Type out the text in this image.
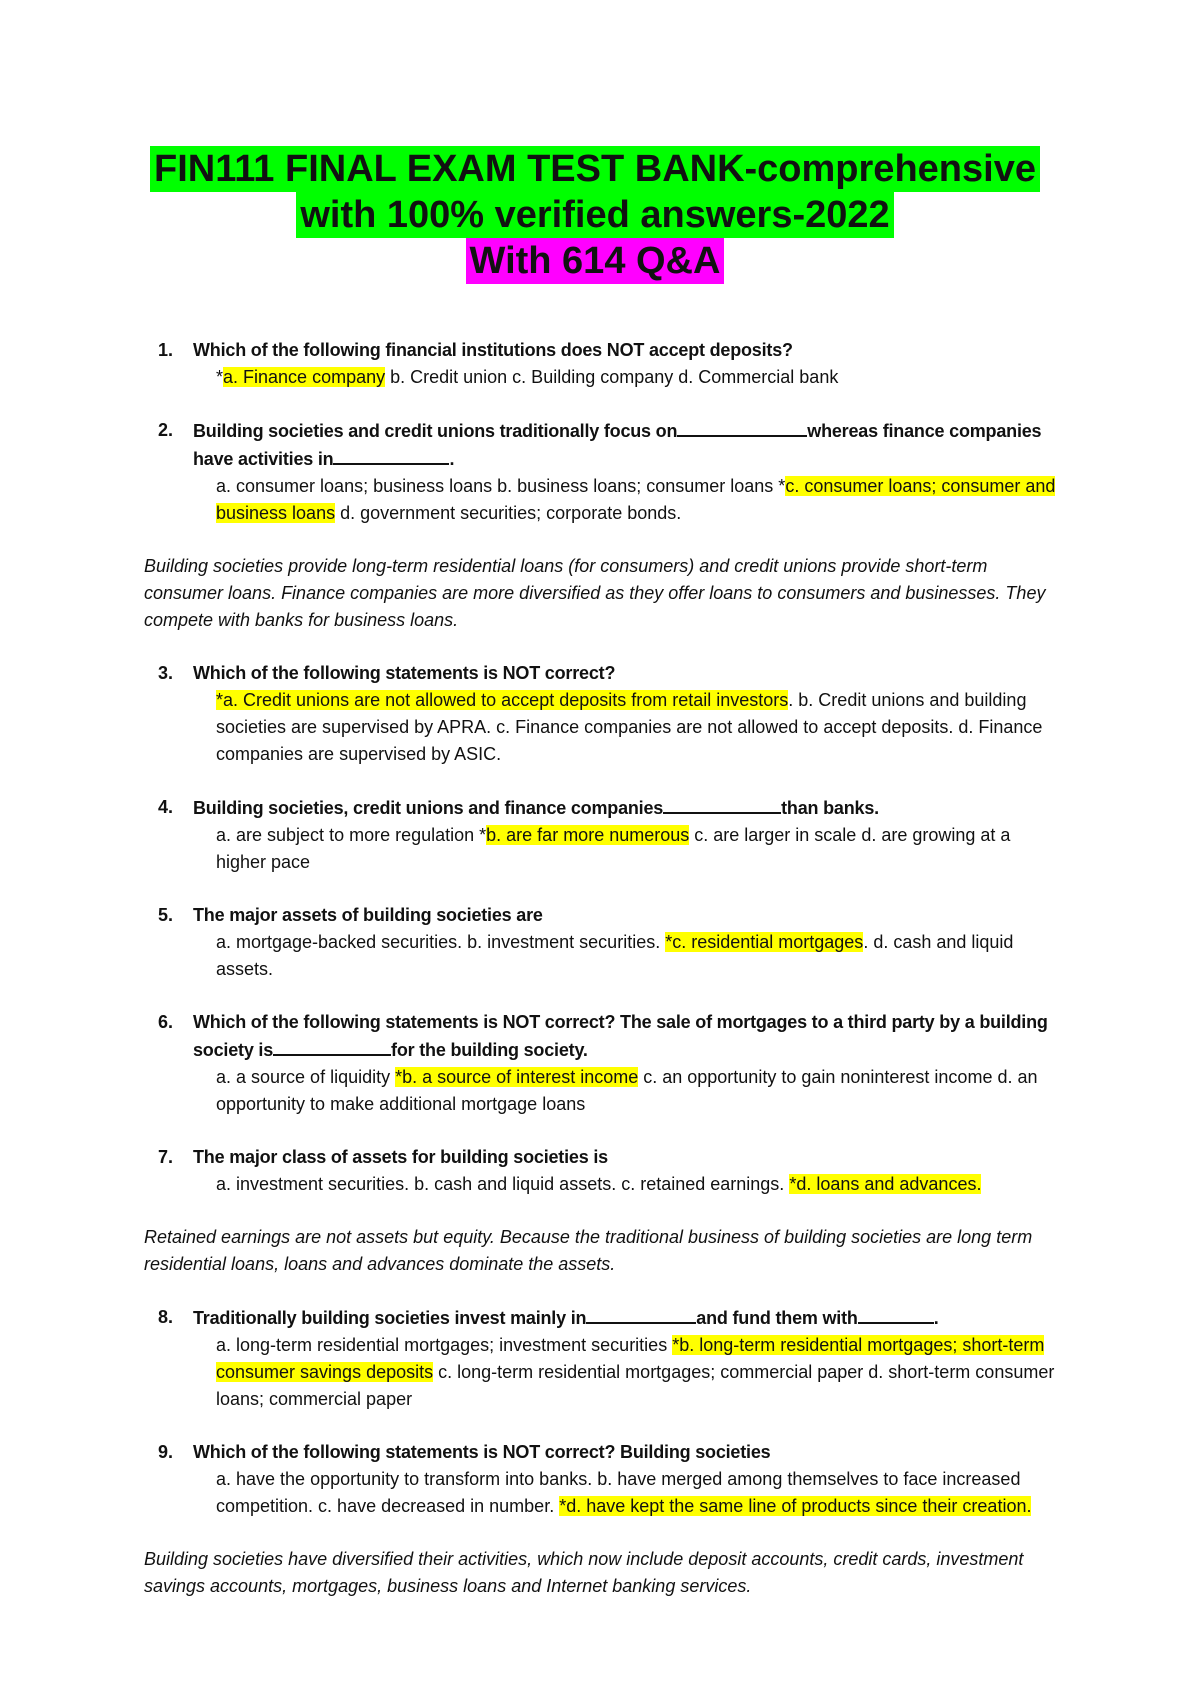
FIN111 FINAL EXAM TEST BANK-comprehensive
with 100% verified answers-2022
With 614 Q&A
1. Which of the following financial institutions does NOT accept deposits?
*a. Finance company b. Credit union c. Building company d. Commercial bank
2. Building societies and credit unions traditionally focus on	whereas finance companies have activities in	.
a. consumer loans; business loans b. business loans; consumer loans *c. consumer loans; consumer and business loans d. government securities; corporate bonds.
Building societies provide long-term residential loans (for consumers) and credit unions provide short-term consumer loans. Finance companies are more diversified as they offer loans to consumers and businesses. They compete with banks for business loans.
3. Which of the following statements is NOT correct?
*a. Credit unions are not allowed to accept deposits from retail investors. b. Credit unions and building societies are supervised by APRA. c. Finance companies are not allowed to accept deposits. d. Finance companies are supervised by ASIC.
4. Building societies, credit unions and finance companies	than banks.
a. are subject to more regulation *b. are far more numerous c. are larger in scale d. are growing at a higher pace
5. The major assets of building societies are
a. mortgage-backed securities. b. investment securities. *c. residential mortgages. d. cash and liquid assets.
6. Which of the following statements is NOT correct? The sale of mortgages to a third party by a building society is	for the building society.
a. a source of liquidity *b. a source of interest income c. an opportunity to gain noninterest income d. an opportunity to make additional mortgage loans
7. The major class of assets for building societies is
a. investment securities. b. cash and liquid assets. c. retained earnings. *d. loans and advances.
Retained earnings are not assets but equity. Because the traditional business of building societies are long term residential loans, loans and advances dominate the assets.
8. Traditionally building societies invest mainly in	and fund them with	.
a. long-term residential mortgages; investment securities *b. long-term residential mortgages; short-term consumer savings deposits c. long-term residential mortgages; commercial paper d. short-term consumer loans; commercial paper
9. Which of the following statements is NOT correct? Building societies
a. have the opportunity to transform into banks. b. have merged among themselves to face increased competition. c. have decreased in number. *d. have kept the same line of products since their creation.
Building societies have diversified their activities, which now include deposit accounts, credit cards, investment savings accounts, mortgages, business loans and Internet banking services.
